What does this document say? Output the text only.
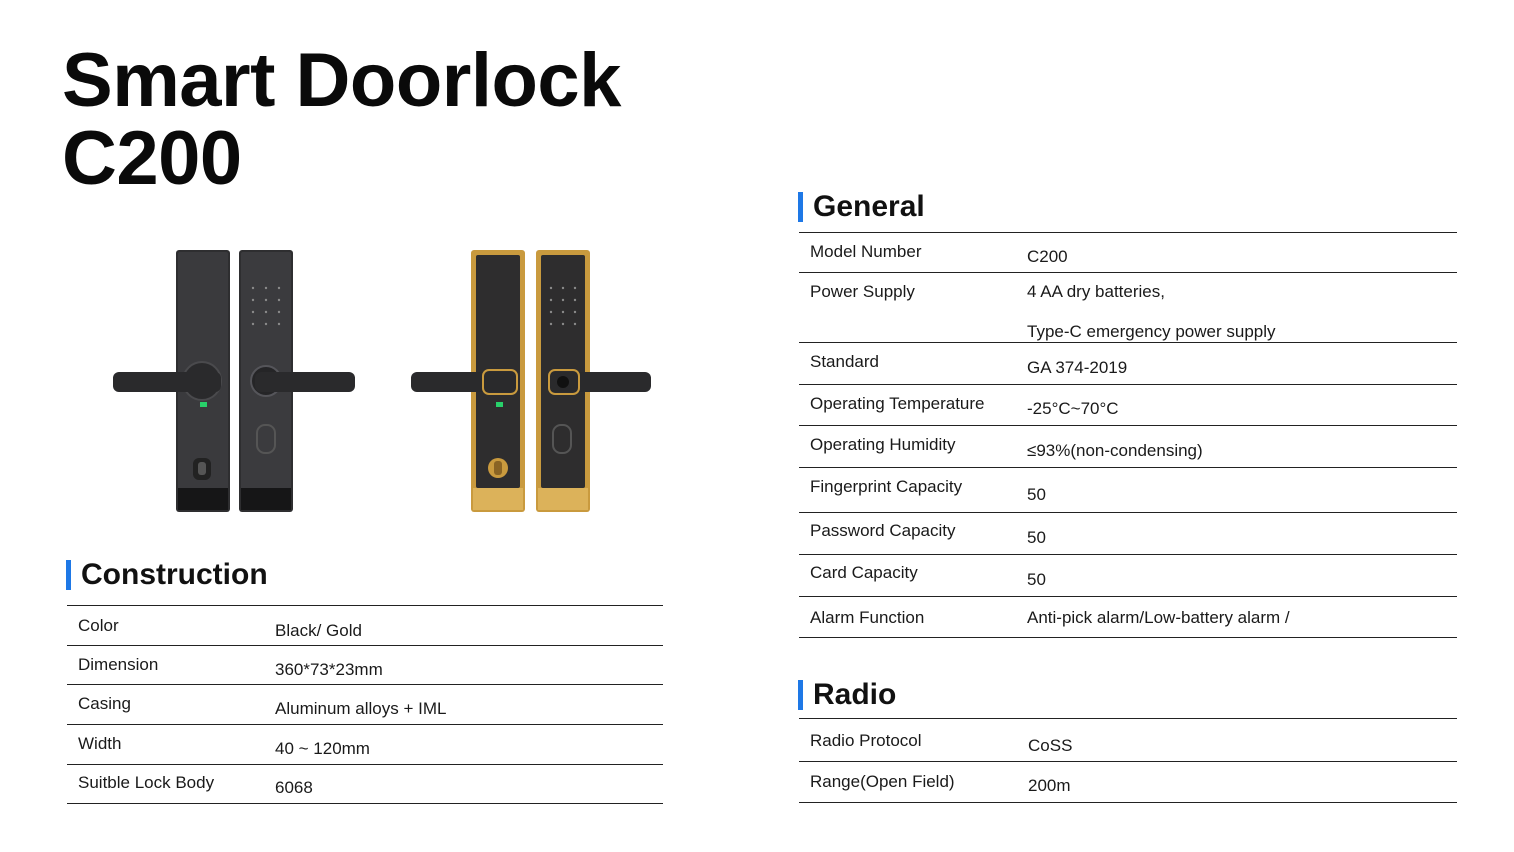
Smart Doorlock
C200
Construction
Color	Black/ Gold
Dimension	360*73*23mm
Casing	Aluminum alloys + IML
Width	40 ~ 120mm
Suitble Lock Body	6068
General
Model Number	C200
Power Supply	4 AA dry batteries,
Type-C emergency power supply

Standard	GA 374-2019
Operating Temperature	-25°C~70°C
Operating Humidity	≤93%(non-condensing)
Fingerprint Capacity	50
Password Capacity	50
Card Capacity	50
Alarm Function	Anti-pick alarm/Low-battery alarm /
Radio
Radio Protocol	CoSS
Range(Open Field)	200m
